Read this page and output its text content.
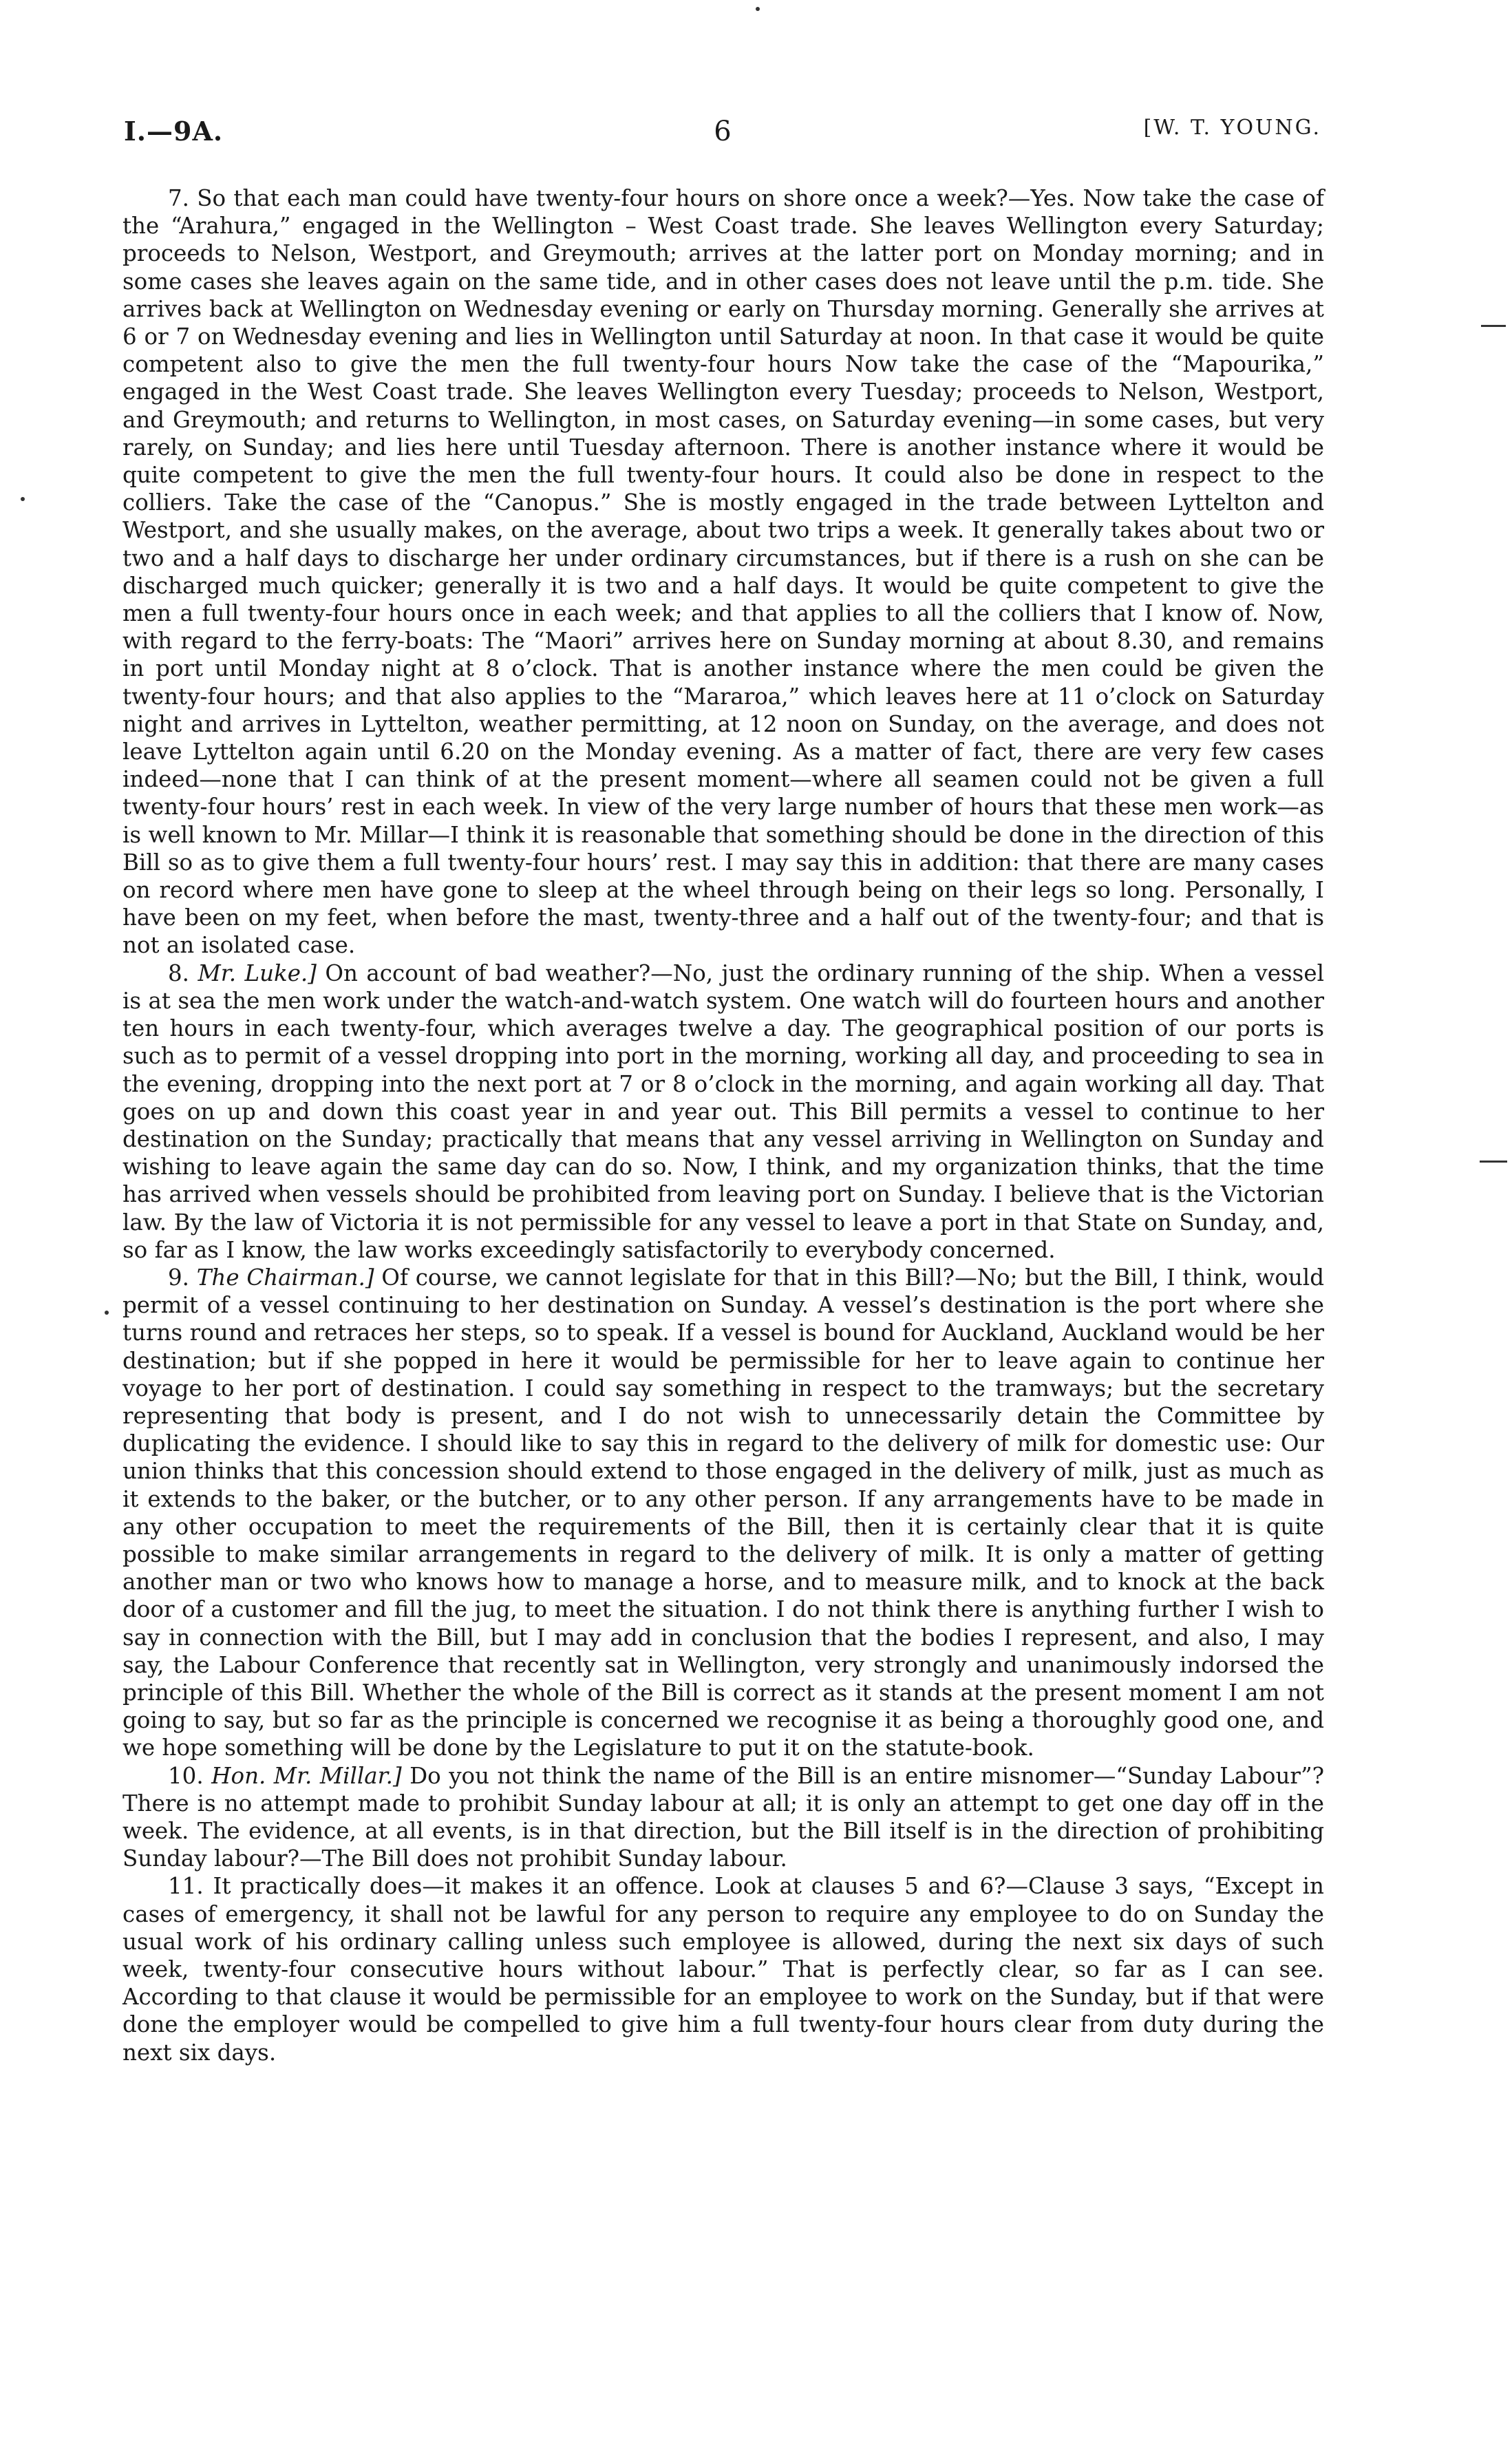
I.—9A.	6	[W. T. YOUNG.

7. So that each man could have twenty-four hours on shore once a week?—Yes. Now take the case of the “Arahura,” engaged in the Wellington – West Coast trade. She leaves Wellington every Saturday; proceeds to Nelson, Westport, and Greymouth; arrives at the latter port on Monday morning; and in some cases she leaves again on the same tide, and in other cases does not leave until the p.m. tide. She arrives back at Wellington on Wednesday evening or early on Thursday morning. Generally she arrives at 6 or 7 on Wednesday evening and lies in Wellington until Saturday at noon. In that case it would be quite competent also to give the men the full twenty-four hours Now take the case of the “Mapourika,” engaged in the West Coast trade. She leaves Wellington every Tuesday; proceeds to Nelson, Westport, and Greymouth; and returns to Wellington, in most cases, on Saturday evening—in some cases, but very rarely, on Sunday; and lies here until Tuesday afternoon. There is another instance where it would be quite competent to give the men the full twenty-four hours. It could also be done in respect to the colliers. Take the case of the “Canopus.” She is mostly engaged in the trade between Lyttelton and Westport, and she usually makes, on the average, about two trips a week. It generally takes about two or two and a half days to discharge her under ordinary circumstances, but if there is a rush on she can be discharged much quicker; generally it is two and a half days. It would be quite competent to give the men a full twenty-four hours once in each week; and that applies to all the colliers that I know of. Now, with regard to the ferry-boats: The “Maori” arrives here on Sunday morning at about 8.30, and remains in port until Monday night at 8 o’clock. That is another instance where the men could be given the twenty-four hours; and that also applies to the “Mararoa,” which leaves here at 11 o’clock on Saturday night and arrives in Lyttelton, weather permitting, at 12 noon on Sunday, on the average, and does not leave Lyttelton again until 6.20 on the Monday evening. As a matter of fact, there are very few cases indeed—none that I can think of at the present moment—where all seamen could not be given a full twenty-four hours’ rest in each week. In view of the very large number of hours that these men work—as is well known to Mr. Millar—I think it is reasonable that something should be done in the direction of this Bill so as to give them a full twenty-four hours’ rest. I may say this in addition: that there are many cases on record where men have gone to sleep at the wheel through being on their legs so long. Personally, I have been on my feet, when before the mast, twenty-three and a half out of the twenty-four; and that is not an isolated case.

8. Mr. Luke.] On account of bad weather?—No, just the ordinary running of the ship. When a vessel is at sea the men work under the watch-and-watch system. One watch will do fourteen hours and another ten hours in each twenty-four, which averages twelve a day. The geographical position of our ports is such as to permit of a vessel dropping into port in the morning, working all day, and proceeding to sea in the evening, dropping into the next port at 7 or 8 o’clock in the morning, and again working all day. That goes on up and down this coast year in and year out. This Bill permits a vessel to continue to her destination on the Sunday; practically that means that any vessel arriving in Wellington on Sunday and wishing to leave again the same day can do so. Now, I think, and my organization thinks, that the time has arrived when vessels should be prohibited from leaving port on Sunday. I believe that is the Victorian law. By the law of Victoria it is not permissible for any vessel to leave a port in that State on Sunday, and, so far as I know, the law works exceedingly satisfactorily to everybody concerned.

9. The Chairman.] Of course, we cannot legislate for that in this Bill?—No; but the Bill, I think, would permit of a vessel continuing to her destination on Sunday. A vessel’s destination is the port where she turns round and retraces her steps, so to speak. If a vessel is bound for Auckland, Auckland would be her destination; but if she popped in here it would be permissible for her to leave again to continue her voyage to her port of destination. I could say something in respect to the tramways; but the secretary representing that body is present, and I do not wish to unnecessarily detain the Committee by duplicating the evidence. I should like to say this in regard to the delivery of milk for domestic use: Our union thinks that this concession should extend to those engaged in the delivery of milk, just as much as it extends to the baker, or the butcher, or to any other person. If any arrangements have to be made in any other occupation to meet the requirements of the Bill, then it is certainly clear that it is quite possible to make similar arrangements in regard to the delivery of milk. It is only a matter of getting another man or two who knows how to manage a horse, and to measure milk, and to knock at the back door of a customer and fill the jug, to meet the situation. I do not think there is anything further I wish to say in connection with the Bill, but I may add in conclusion that the bodies I represent, and also, I may say, the Labour Conference that recently sat in Wellington, very strongly and unanimously indorsed the principle of this Bill. Whether the whole of the Bill is correct as it stands at the present moment I am not going to say, but so far as the principle is concerned we recognise it as being a thoroughly good one, and we hope something will be done by the Legislature to put it on the statute-book.

10. Hon. Mr. Millar.] Do you not think the name of the Bill is an entire misnomer—“Sunday Labour”? There is no attempt made to prohibit Sunday labour at all; it is only an attempt to get one day off in the week. The evidence, at all events, is in that direction, but the Bill itself is in the direction of prohibiting Sunday labour?—The Bill does not prohibit Sunday labour.

11. It practically does—it makes it an offence. Look at clauses 5 and 6?—Clause 3 says, “Except in cases of emergency, it shall not be lawful for any person to require any employee to do on Sunday the usual work of his ordinary calling unless such employee is allowed, during the next six days of such week, twenty-four consecutive hours without labour.” That is perfectly clear, so far as I can see. According to that clause it would be permissible for an employee to work on the Sunday, but if that were done the employer would be compelled to give him a full twenty-four hours clear from duty during the next six days.
